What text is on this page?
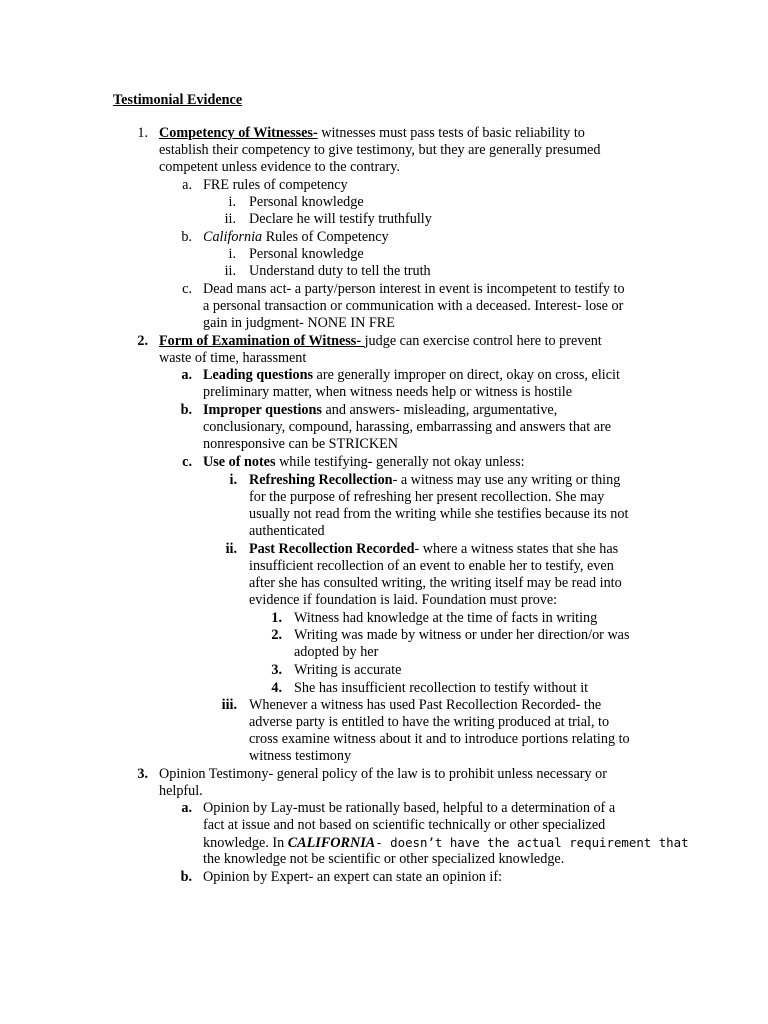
Testimonial Evidence
1. Competency of Witnesses- witnesses must pass tests of basic reliability to
establish their competency to give testimony, but they are generally presumed
competent unless evidence to the contrary.
a. FRE rules of competency
i. Personal knowledge
ii. Declare he will testify truthfully
b. California Rules of Competency
i. Personal knowledge
ii. Understand duty to tell the truth
c. Dead mans act- a party/person interest in event is incompetent to testify to
a personal transaction or communication with a deceased. Interest- lose or
gain in judgment- NONE IN FRE
2. Form of Examination of Witness- judge can exercise control here to prevent
waste of time, harassment
a. Leading questions are generally improper on direct, okay on cross, elicit
preliminary matter, when witness needs help or witness is hostile
b. Improper questions and answers- misleading, argumentative,
conclusionary, compound, harassing, embarrassing and answers that are
nonresponsive can be STRICKEN
c. Use of notes while testifying- generally not okay unless:
i. Refreshing Recollection- a witness may use any writing or thing
for the purpose of refreshing her present recollection. She may
usually not read from the writing while she testifies because its not
authenticated
ii. Past Recollection Recorded- where a witness states that she has
insufficient recollection of an event to enable her to testify, even
after she has consulted writing, the writing itself may be read into
evidence if foundation is laid. Foundation must prove:
1. Witness had knowledge at the time of facts in writing
2. Writing was made by witness or under her direction/or was
adopted by her
3. Writing is accurate
4. She has insufficient recollection to testify without it
iii. Whenever a witness has used Past Recollection Recorded- the
adverse party is entitled to have the writing produced at trial, to
cross examine witness about it and to introduce portions relating to
witness testimony
3. Opinion Testimony- general policy of the law is to prohibit unless necessary or
helpful.
a. Opinion by Lay-must be rationally based, helpful to a determination of a
fact at issue and not based on scientific technically or other specialized
knowledge. In CALIFORNIA- doesn’t have the actual requirement that
the knowledge not be scientific or other specialized knowledge.
b. Opinion by Expert- an expert can state an opinion if:
